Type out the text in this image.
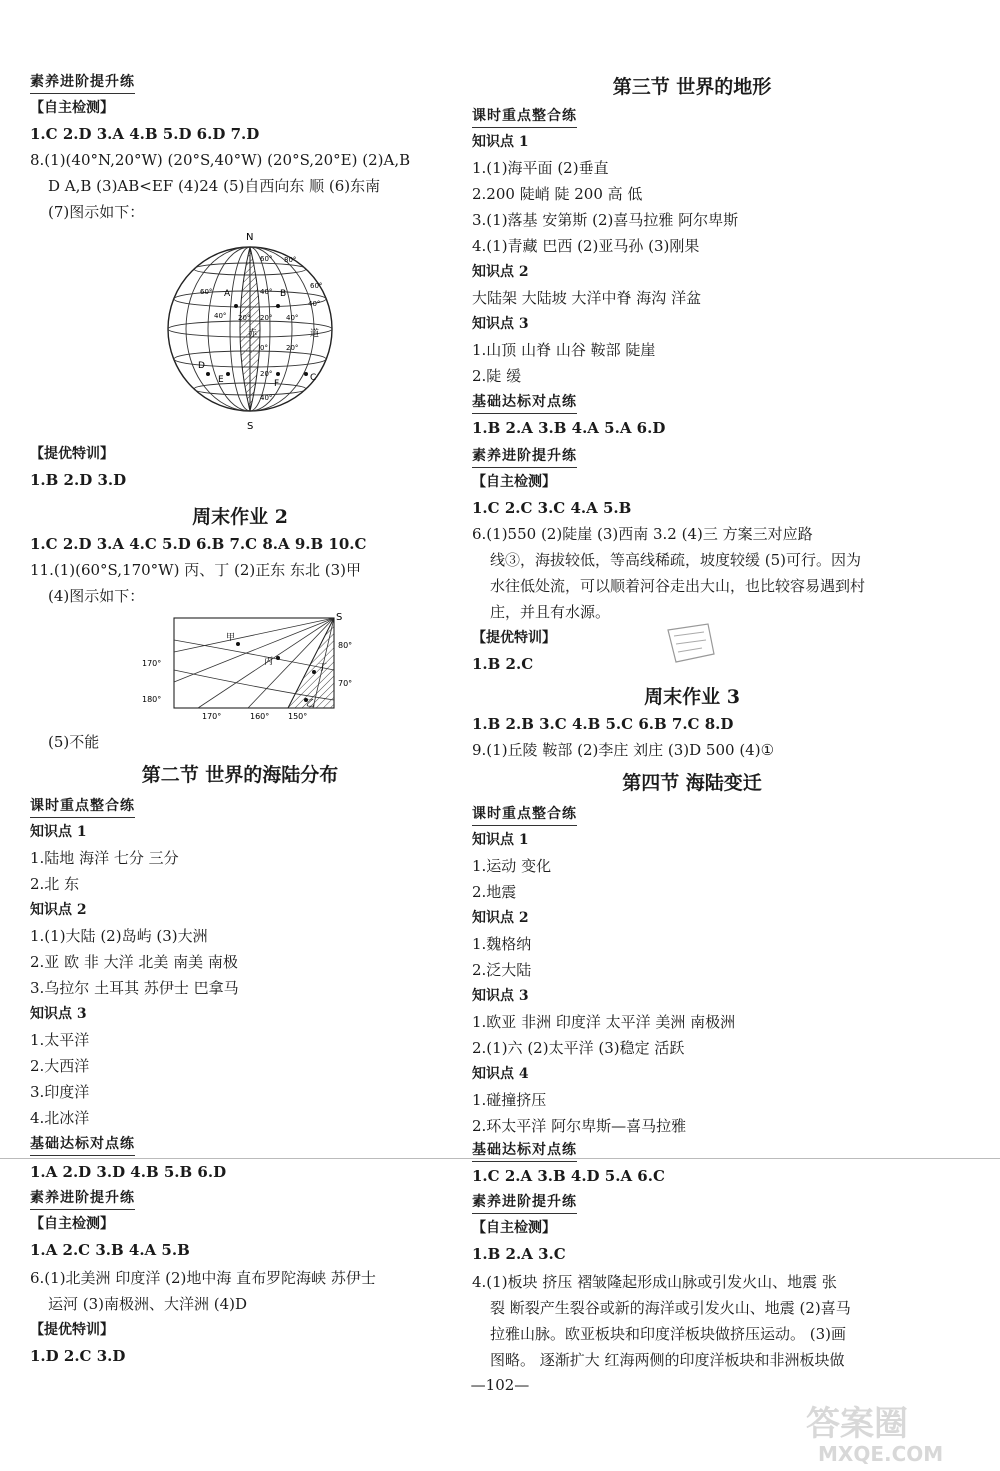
素养进阶提升练
【自主检测】
1.C 2.D 3.A 4.B 5.D 6.D 7.D
8.(1)(40°N,20°W) (20°S,40°W) (20°S,20°E) (2)A,B
D A,B (3)AB<EF (4)24 (5)自西向东 顺 (6)东南
(7)图示如下：
N
S
A	B
C
D
E	F
赤	道
60°
40°
20°
0°
20°
40°
60°
40° 20°	40°
20°
40°
60°
80°
【提优特训】
1.B 2.D 3.D
周末作业 2
1.C 2.D 3.A 4.C 5.D 6.B 7.C 8.A 9.B 10.C
11.(1)(60°S,170°W) 丙、丁 (2)正东 东北 (3)甲
(4)图示如下：
甲
丙
丁
乙
S
170°
180°
80°
70°
170°	160° 150°
(5)不能
第二节 世界的海陆分布
课时重点整合练
知识点 1
1.陆地 海洋 七分 三分
2.北 东
知识点 2
1.(1)大陆 (2)岛屿 (3)大洲
2.亚 欧 非 大洋 北美 南美 南极
3.乌拉尔 土耳其 苏伊士 巴拿马
知识点 3
1.太平洋
2.大西洋
3.印度洋
4.北冰洋
基础达标对点练
1.A 2.D 3.D 4.B 5.B 6.D
素养进阶提升练
【自主检测】
1.A 2.C 3.B 4.A 5.B
6.(1)北美洲 印度洋 (2)地中海 直布罗陀海峡 苏伊士
运河 (3)南极洲、大洋洲 (4)D
【提优特训】
1.D 2.C 3.D
第三节 世界的地形
课时重点整合练
知识点 1
1.(1)海平面 (2)垂直
2.200 陡峭 陡 200 高 低
3.(1)落基 安第斯 (2)喜马拉雅 阿尔卑斯
4.(1)青藏 巴西 (2)亚马孙 (3)刚果
知识点 2
大陆架 大陆坡 大洋中脊 海沟 洋盆
知识点 3
1.山顶 山脊 山谷 鞍部 陡崖
2.陡 缓
基础达标对点练
1.B 2.A 3.B 4.A 5.A 6.D
素养进阶提升练
【自主检测】
1.C 2.C 3.C 4.A 5.B
6.(1)550 (2)陡崖 (3)西南 3.2 (4)三 方案三对应路
线③，海拔较低，等高线稀疏，坡度较缓 (5)可行。因为
水往低处流，可以顺着河谷走出大山，也比较容易遇到村
庄，并且有水源。
【提优特训】
1.B 2.C
周末作业 3
1.B 2.B 3.C 4.B 5.C 6.B 7.C 8.D
9.(1)丘陵 鞍部 (2)李庄 刘庄 (3)D 500 (4)①
第四节 海陆变迁
课时重点整合练
知识点 1
1.运动 变化
2.地震
知识点 2
1.魏格纳
2.泛大陆
知识点 3
1.欧亚 非洲 印度洋 太平洋 美洲 南极洲
2.(1)六 (2)太平洋 (3)稳定 活跃
知识点 4
1.碰撞挤压
2.环太平洋 阿尔卑斯—喜马拉雅
基础达标对点练
1.C 2.A 3.B 4.D 5.A 6.C
素养进阶提升练
【自主检测】
1.B 2.A 3.C
4.(1)板块 挤压 褶皱隆起形成山脉或引发火山、地震 张
裂 断裂产生裂谷或新的海洋或引发火山、地震 (2)喜马
拉雅山脉。欧亚板块和印度洋板块做挤压运动。 (3)画
图略。 逐渐扩大 红海两侧的印度洋板块和非洲板块做
—102—
答案圈
MXQE.COM
